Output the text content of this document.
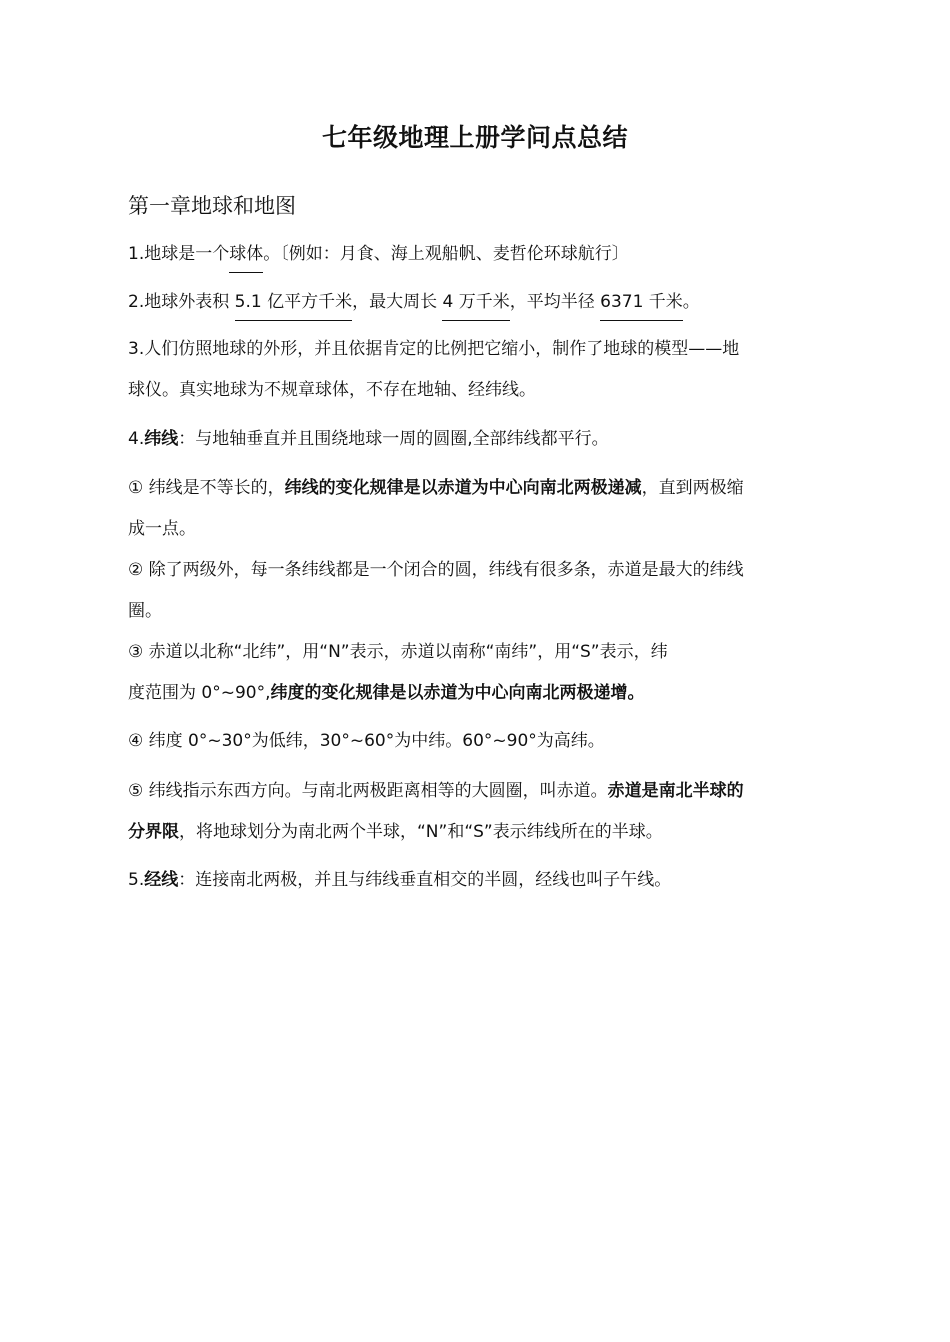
七年级地理上册学问点总结
第一章地球和地图
1.地球是一个球体。〔例如：月食、海上观船帆、麦哲伦环球航行〕
2.地球外表积 5.1 亿平方千米，最大周长 4 万千米，平均半径 6371 千米。
3.人们仿照地球的外形，并且依据肯定的比例把它缩小，制作了地球的模型——地
球仪。真实地球为不规章球体，不存在地轴、经纬线。
4.纬线：与地轴垂直并且围绕地球一周的圆圈,全部纬线都平行。
① 纬线是不等长的，纬线的变化规律是以赤道为中心向南北两极递减，直到两极缩
成一点。
② 除了两级外，每一条纬线都是一个闭合的圆，纬线有很多条，赤道是最大的纬线
圈。
③ 赤道以北称“北纬”，用“N”表示，赤道以南称“南纬”，用“S”表示，纬
度范围为 0°~90°,纬度的变化规律是以赤道为中心向南北两极递增。
④ 纬度 0°~30°为低纬，30°~60°为中纬。60°~90°为高纬。
⑤ 纬线指示东西方向。与南北两极距离相等的大圆圈，叫赤道。赤道是南北半球的
分界限，将地球划分为南北两个半球，“N”和“S”表示纬线所在的半球。
5.经线：连接南北两极，并且与纬线垂直相交的半圆，经线也叫子午线。
